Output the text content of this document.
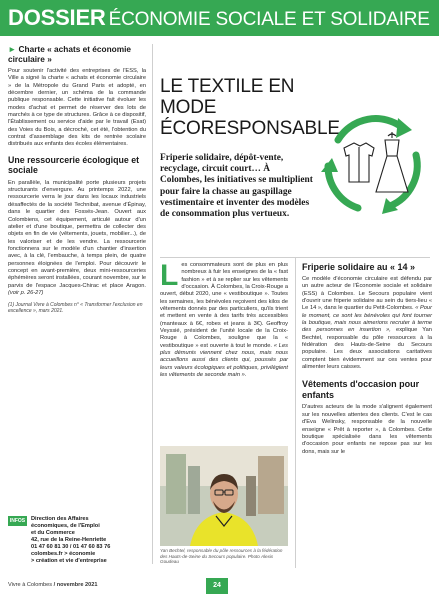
DOSSIER ÉCONOMIE SOCIALE ET SOLIDAIRE
► Charte « achats et économie circulaire »

Pour soutenir l'activité des entreprises de l'ESS, la Ville a signé la charte « achats et économie circulaire » de la Métropole du Grand Paris et adopté, en décembre dernier, un schéma de la commande publique responsable. Cette initiative fait évoluer les modes d'achat et permet de réserver des lots de marchés à ce type de structures. Grâce à ce dispositif, l'Établissement ou service d'aide par le travail (Esat) des Voies du Bois, a décroché, cet été, l'obtention du contrat d'assemblage des kits de rentrée scolaire distribués aux enfants des écoles élémentaires.

Une ressourcerie écologique et sociale

En parallèle, la municipalité porte plusieurs projets structurants d'envergure. Au printemps 2022, une ressourcerie verra le jour dans les locaux industriels désaffectés de la société Technibat, avenue d'Épinay, dans le quartier des Fossés-Jean. Ouvert aux Colombiens, cet équipement, articulé autour d'un atelier et d'une boutique, permettra de collecter des objets en fin de vie (vêtements, jouets, mobilier...), de les valoriser et de les vendre. La ressourcerie fonctionnera sur le modèle d'un chantier d'insertion avec, à la clé, l'embauche, à temps plein, de quatre personnes éloignées de l'emploi. Pour découvrir le concept en avant-première, deux mini-ressourceries éphémères seront installées, courant novembre, sur le parvis de l'espace Jacques-Chirac et place Aragon. (voir p. 26-27)

(1) Journal Vivre à Colombes n° « Transformer l'exclusion en excellence », mars 2021.
INFOS	Direction des Affaires
économiques, de l'Emploi
et du Commerce
42, rue de la Reine-Henriette
01 47 60 81 30 / 01 47 60 83 76
colombes.fr > économie
> création et vie d'entreprise
LE TEXTILE EN MODE
ÉCORESPONSABLE
Friperie solidaire, dépôt-vente, recyclage, circuit court… À Colombes, les initiatives se multiplient pour faire la chasse au gaspillage vestimentaire et inventer des modèles de consommation plus vertueux.

Les consommateurs sont de plus en plus nombreux à fuir les enseignes de la « fast fashion » et à se replier sur les vêtements d'occasion. À Colombes, la Croix-Rouge a ouvert, début 2020, une « vestiboutique ». Toutes les semaines, les bénévoles reçoivent des kilos de vêtements donnés par des particuliers, qu'ils trient et mettent en vente à des tarifs très accessibles (manteaux à 6€, robes et jeans à 3€). Geoffroy Veyssié, président de l'unité locale de la Croix-Rouge à Colombes, souligne que la « vestiboutique » est ouverte à tout le monde. « Les plus démunis viennent chez nous, mais nous accueillons aussi des clients qui, poussés par leurs valeurs écologiques et politiques, privilégient les vêtements de seconde main ».

Yan Bechtel, responsable du pôle ressources à la fédération des Hauts-de-Seine du Secours populaire. Photo Alexis Goudeau
Friperie solidaire au « 14 »

Ce modèle d'économie circulaire est défendu par un autre acteur de l'Économie sociale et solidaire (ESS) à Colombes. Le Secours populaire vient d'ouvrir une friperie solidaire au sein du tiers-lieu « Le 14 », dans le quartier du Petit-Colombes. « Pour le moment, ce sont les bénévoles qui font tourner la boutique, mais nous aimerions recruter à terme des personnes en insertion », explique Yan Bechtel, responsable du pôle ressources à la fédération des Hauts-de-Seine du Secours populaire. Les deux associations caritatives comptent bien évidemment sur ces ventes pour alimenter leurs caisses.

Vêtements d'occasion pour enfants

D'autres acteurs de la mode s'alignent également sur les nouvelles attentes des clients. C'est le cas d'Eva Welinsky, responsable de la nouvelle enseigne « Prêt à reporter », à Colombes. Cette boutique spécialisée dans les vêtements d'occasion pour enfants ne repose pas sur les dons, mais sur le

Vivre à Colombes / novembre 2021	24
